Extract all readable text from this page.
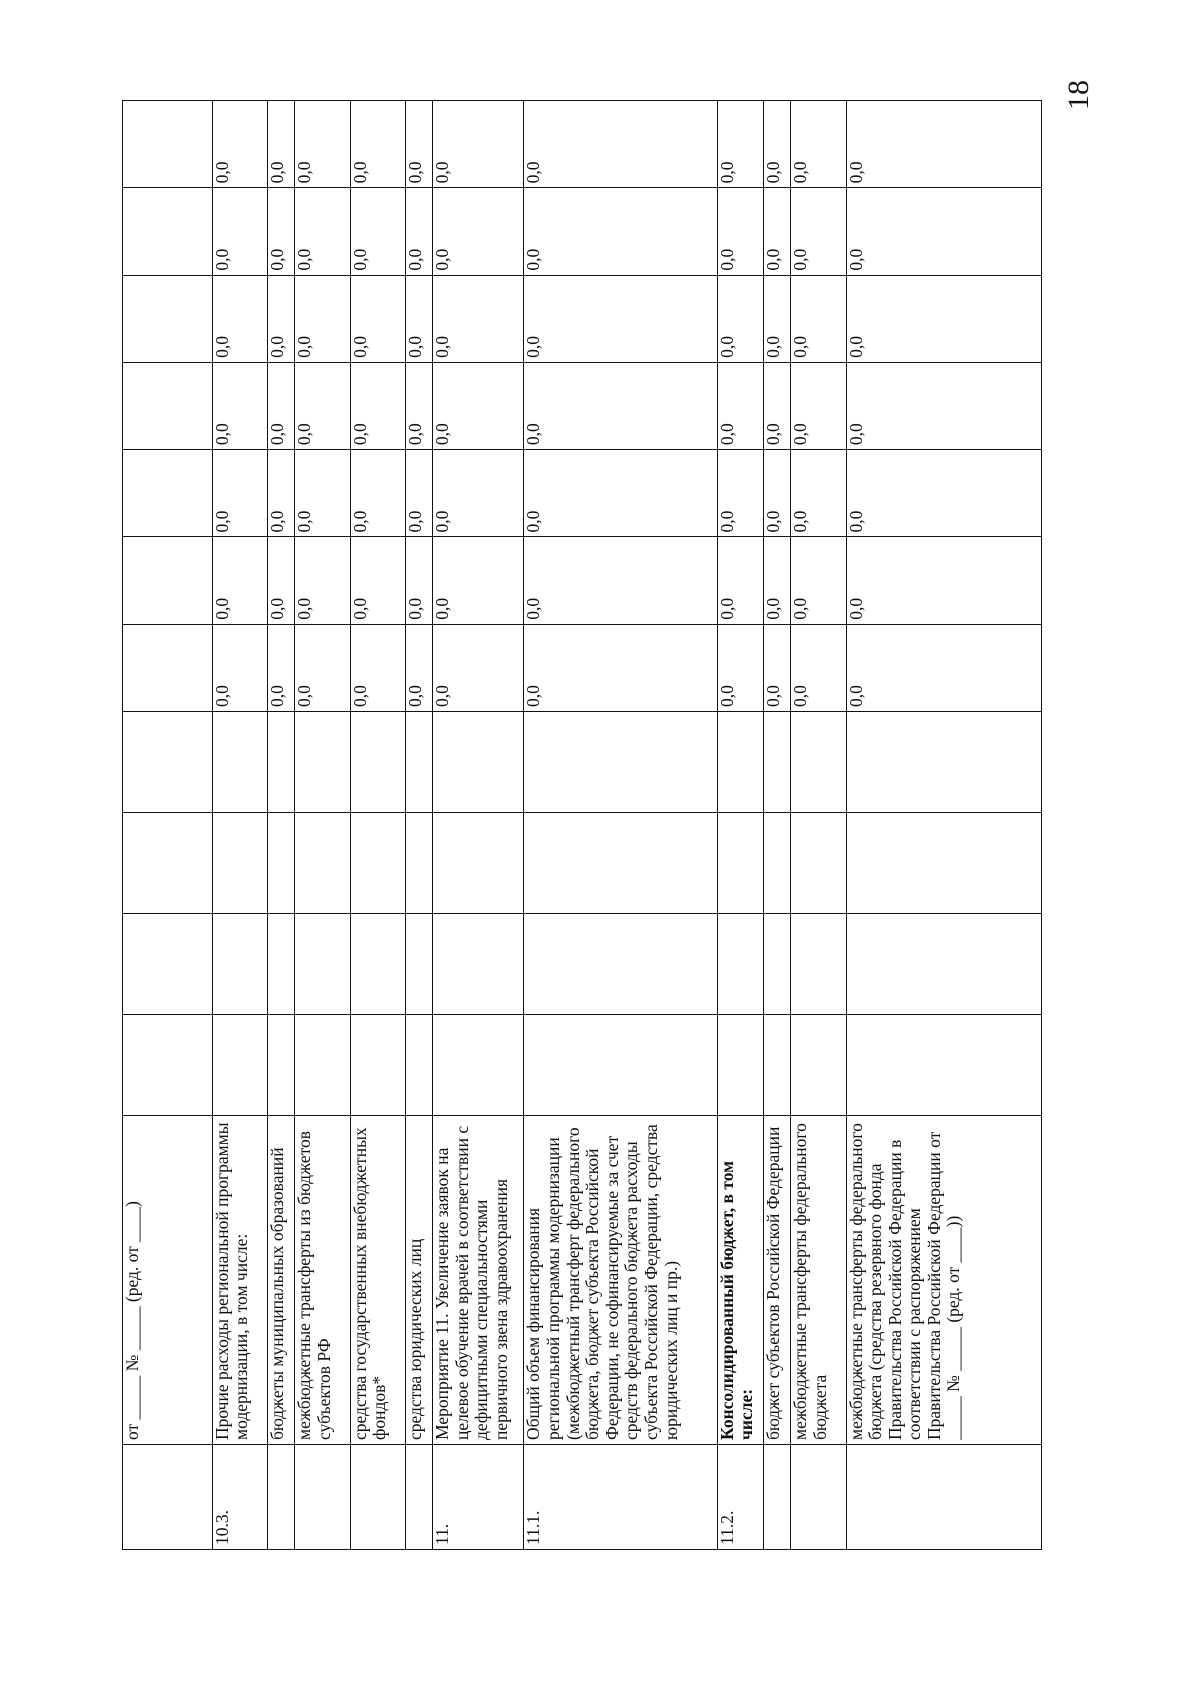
18
	от _____ № _____ (ред. от ____)											
10.3.	Прочие расходы региональной программы модернизации, в том числе:					0,0	0,0	0,0	0,0	0,0	0,0	0,0
	бюджеты муниципальных образований					0,0	0,0	0,0	0,0	0,0	0,0	0,0
	межбюджетные трансферты из бюджетов субъектов РФ					0,0	0,0	0,0	0,0	0,0	0,0	0,0
	средства государственных внебюджетных фондов*					0,0	0,0	0,0	0,0	0,0	0,0	0,0
	средства юридических лиц					0,0	0,0	0,0	0,0	0,0	0,0	0,0
11.	Мероприятие 11. Увеличение заявок на целевое обучение врачей в соответствии с дефицитными специальностями первичного звена здравоохранения					0,0	0,0	0,0	0,0	0,0	0,0	0,0
11.1.	Общий объем финансирования региональной программы модернизации (межбюджетный трансферт федерального бюджета, бюджет субъекта Российской Федерации, не софинансируемые за счет средств федерального бюджета расходы субъекта Российской Федерации, средства юридических лиц и пр.)					0,0	0,0	0,0	0,0	0,0	0,0	0,0
11.2.	Консолидированный бюджет, в том числе:					0,0	0,0	0,0	0,0	0,0	0,0	0,0
	бюджет субъектов Российской Федерации					0,0	0,0	0,0	0,0	0,0	0,0	0,0
	межбюджетные трансферты федерального бюджета					0,0	0,0	0,0	0,0	0,0	0,0	0,0
	межбюджетные трансферты федерального бюджета (средства резервного фонда Правительства Российской Федерации в соответствии с распоряжением Правительства Российской Федерации от _____ № _____ (ред. от ____))					0,0	0,0	0,0	0,0	0,0	0,0	0,0
